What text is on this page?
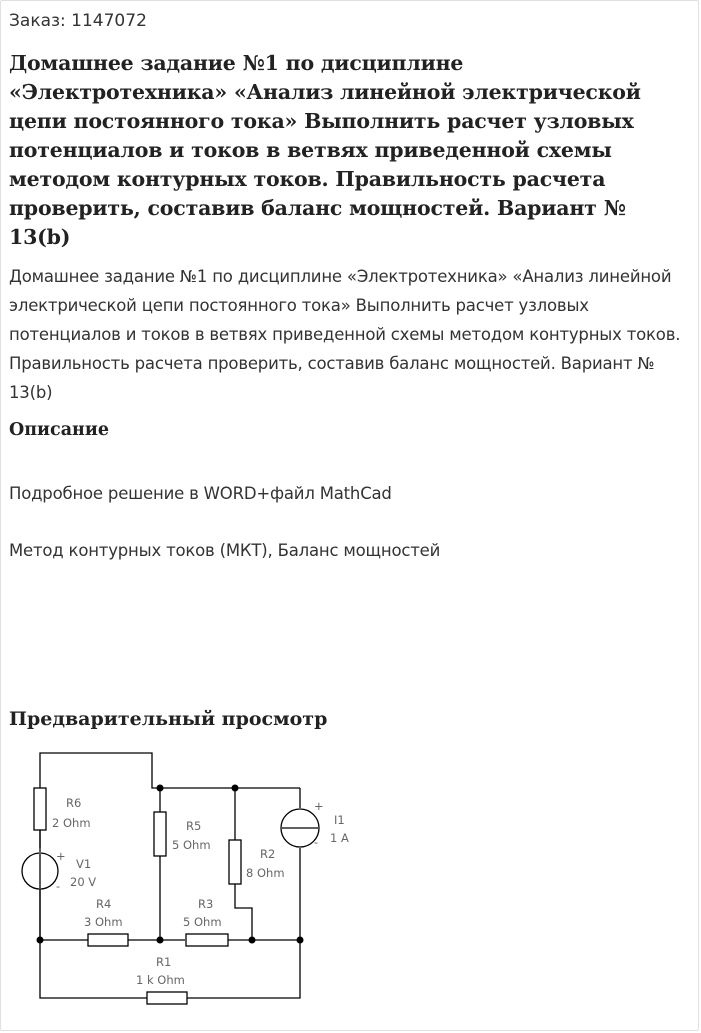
Заказ: 1147072
Домашнее задание №1 по дисциплине «Электротехника» «Анализ линейной электрической цепи постоянного тока» Выполнить расчет узловых потенциалов и токов в ветвях приведенной схемы методом контурных токов. Правильность расчета проверить, составив баланс мощностей. Вариант № 13(b)

Домашнее задание №1 по дисциплине «Электротехника» «Анализ линейной электрической цепи постоянного тока» Выполнить расчет узловых потенциалов и токов в ветвях приведенной схемы методом контурных токов. Правильность расчета проверить, составив баланс мощностей. Вариант № 13(b)

Описание

Подробное решение в WORD+файл MathCad

Метод контурных токов (МКТ), Баланс мощностей

Предварительный просмотр
R6
2 Ohm
+
-
V1
20 V
R5
5 Ohm
R2
8 Ohm
+
-
I1
1 A
R4
3 Ohm
R3
5 Ohm
R1
1 k Ohm
